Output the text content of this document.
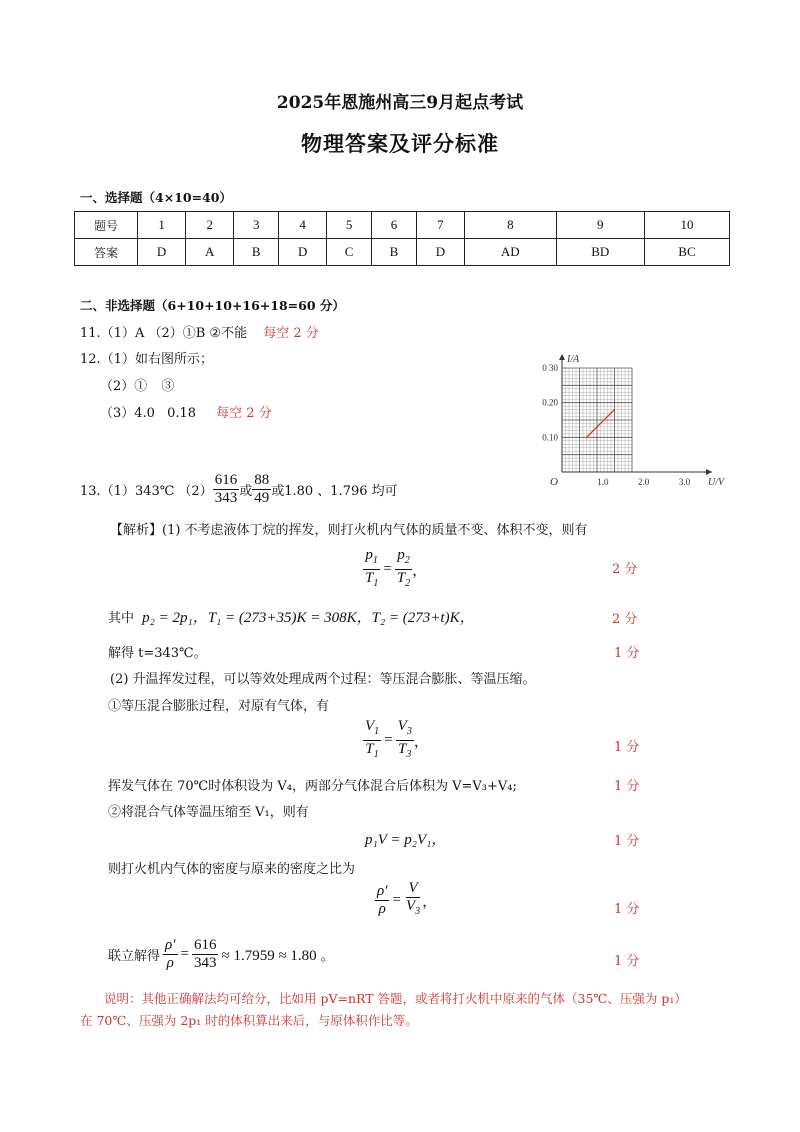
2025年恩施州高三9月起点考试
物理答案及评分标准
一、选择题（4×10=40）
题号	1	2	3	4	5	6	7	8	9	10
答案	D	A	B	D	C	B	D	AD	BD	BC
二、非选择题（6+10+10+16+18=60 分）
11.（1）A （2）①B ②不能 每空 2 分
12.（1）如右图所示；
（2）① ③
（3）4.0 0.18 每空 2 分
1.0	2.0	3.0
0.10
0.20
0 30
O	U/V
I/A
13.（1）343℃ $(2) \frac{616}{343}$ 或 $\frac{88}{49}$ 或1.80 、1.796 均可
【解析】(1) 不考虑液体丁烷的挥发，则打火机内气体的质量不变、体积不变，则有
$\frac{p_1}{T_1} = \frac{p_2}{T_2}$ ，	2 分
其中 p₂ = 2p₁，T₁ = (273+35)K = 308K，T₂ = (273+t)K，	2 分
解得 t=343℃。	1 分
(2) 升温挥发过程，可以等效处理成两个过程：等压混合膨胀、等温压缩。
①等压混合膨胀过程，对原有气体，有
$\frac{V_1}{T_1} = \frac{V_3}{T_3}$ ，	1 分
挥发气体在 70℃时体积设为 V₄，两部分气体混合后体积为 V=V₃+V₄;	1 分
②将混合气体等温压缩至 V₁，则有
p₁V = p₂V₁，	1 分
则打火机内气体的密度与原来的密度之比为
$\frac{\rho'}{\rho} = \frac{V}{V_3}$ ，	1 分
联立解得 $\frac{\rho'}{\rho} = \frac{616}{343} \approx 1.7959 \approx 1.80$ 。	1 分
说明：其他正确解法均可给分，比如用 pV=nRT 答题，或者将打火机中原来的气体（35℃、压强为 p₁）
在 70℃、压强为 2p₁ 时的体积算出来后，与原体积作比等。
